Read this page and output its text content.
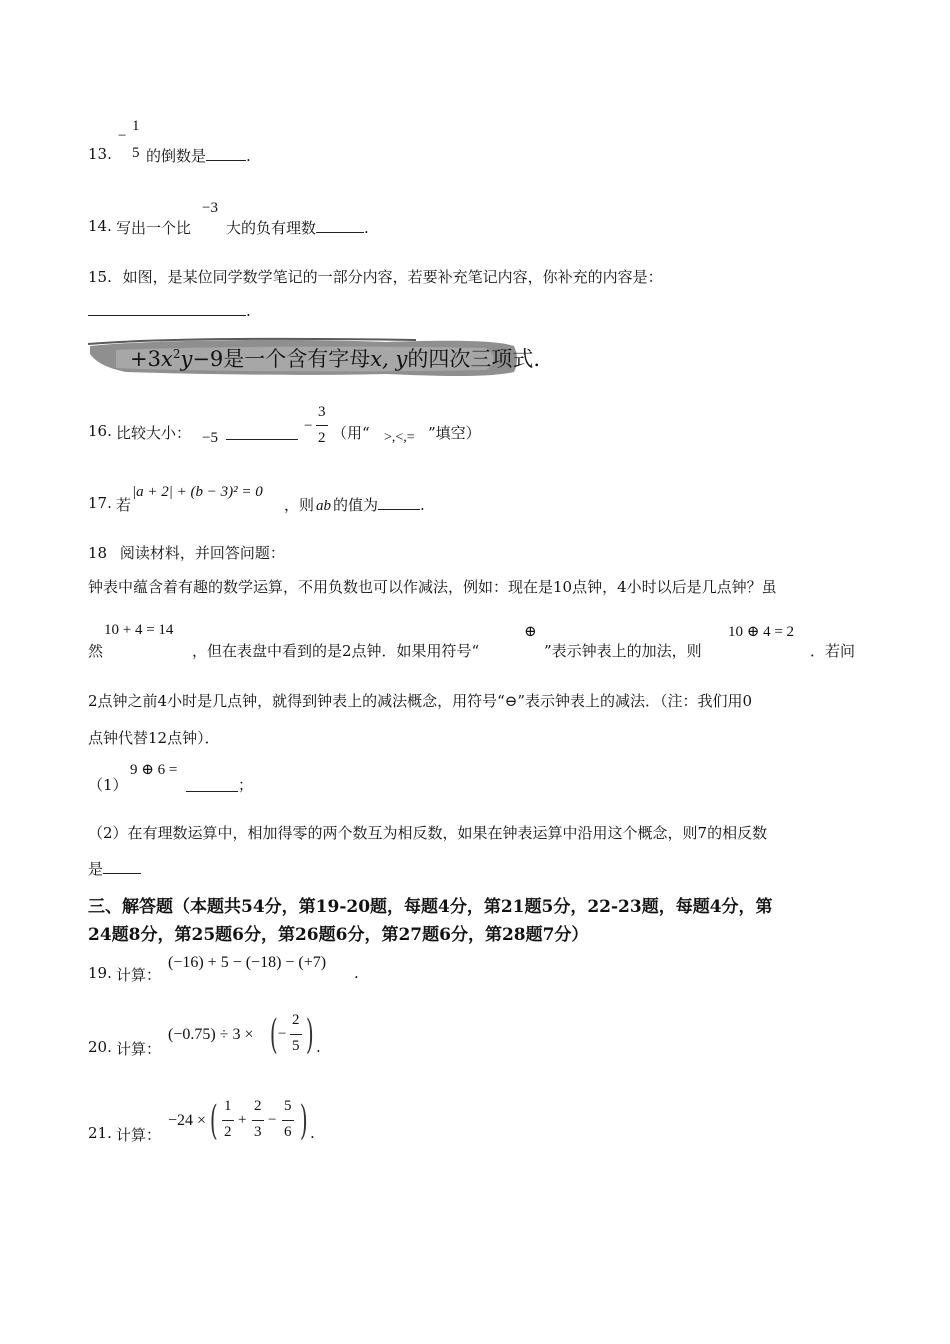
13.
−
1
5 的倒数是	.
14. 写出一个比
−3
大的负有理数	.
15. 如图，是某位同学数学笔记的一部分内容，若要补充笔记内容，你补充的内容是：
.
$+3x^2y-9$是一个含有字母x, y的四次三项式.
16. 比较大小： −5
−
3
2 （用“ >,<,= ”填空）
17. 若
|a + 2| + (b − 3)² = 0
，则 ab 的值为	.
18 阅读材料，并回答问题：
钟表中蕴含着有趣的数学运算，不用负数也可以作减法，例如：现在是10点钟，4小时以后是几点钟？虽
然
10 + 4 = 14
，但在表盘中看到的是2点钟．如果用符号“
⊕
”表示钟表上的加法，则
10 ⊕ 4 = 2
．若问
2点钟之前4小时是几点钟，就得到钟表上的减法概念，用符号“⊖”表示钟表上的减法．（注：我们用0
点钟代替12点钟）．
（1）
9 ⊕ 6 =
；
（2）在有理数运算中，相加得零的两个数互为相反数，如果在钟表运算中沿用这个概念，则7的相反数
是
三、解答题（本题共54分，第19-20题，每题4分，第21题5分，22-23题，每题4分，第
24题8分，第25题6分，第26题6分，第27题6分，第28题7分）
19. 计算：
(−16) + 5 − (−18) − (+7)
.
20. 计算：
(−0.75) ÷ 3 × ( −
2
5 ) .
21. 计算：
−24 × ( 1
2
+
2
3
−
5
6 ) .
